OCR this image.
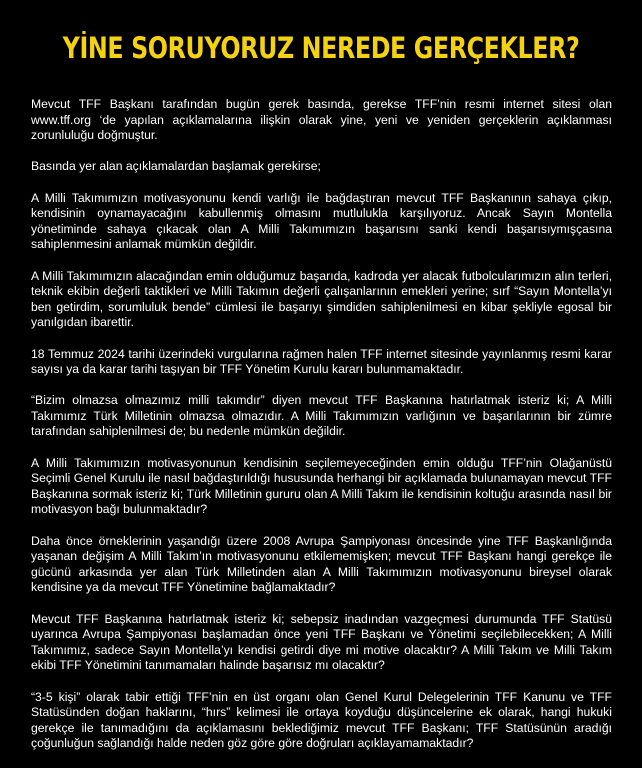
YİNE SORUYORUZ NEREDE GERÇEKLER?

Mevcut TFF Başkanı tarafından bugün gerek basında, gerekse TFF’nin resmi internet sitesi olan www.tff.org ‘de yapılan açıklamalarına ilişkin olarak yine, yeni ve yeniden gerçeklerin açıklanması zorunluluğu doğmuştur.

Basında yer alan açıklamalardan başlamak gerekirse;

A Milli Takımımızın motivasyonunu kendi varlığı ile bağdaştıran mevcut TFF Başkanının sahaya çıkıp, kendisinin oynamayacağını kabullenmiş olmasını mutlulukla karşılıyoruz. Ancak Sayın Montella yönetiminde sahaya çıkacak olan A Milli Takımımızın başarısını sanki kendi başarısıymışçasına sahiplenmesini anlamak mümkün değildir.

A Milli Takımımızın alacağından emin olduğumuz başarıda, kadroda yer alacak futbolcularımızın alın terleri, teknik ekibin değerli taktikleri ve Milli Takımın değerli çalışanlarının emekleri yerine; sırf “Sayın Montella’yı ben getirdim, sorumluluk bende” cümlesi ile başarıyı şimdiden sahiplenilmesi en kibar şekliyle egosal bir yanılgıdan ibarettir.

18 Temmuz 2024 tarihi üzerindeki vurgularına rağmen halen TFF internet sitesinde yayınlanmış resmi karar sayısı ya da karar tarihi taşıyan bir TFF Yönetim Kurulu kararı bulunmamaktadır.

“Bizim olmazsa olmazımız milli takımdır” diyen mevcut TFF Başkanına hatırlatmak isteriz ki; A Milli Takımımız Türk Milletinin olmazsa olmazıdır. A Milli Takımımızın varlığının ve başarılarının bir zümre tarafından sahiplenilmesi de; bu nedenle mümkün değildir.

A Milli Takımımızın motivasyonunun kendisinin seçilemeyeceğinden emin olduğu TFF’nin Olağanüstü Seçimli Genel Kurulu ile nasıl bağdaştırıldığı hususunda herhangi bir açıklamada bulunamayan mevcut TFF Başkanına sormak isteriz ki; Türk Milletinin gururu olan A Milli Takım ile kendisinin koltuğu arasında nasıl bir motivasyon bağı bulunmaktadır?

Daha önce örneklerinin yaşandığı üzere 2008 Avrupa Şampiyonası öncesinde yine TFF Başkanlığında yaşanan değişim A Milli Takım’ın motivasyonunu etkilememişken; mevcut TFF Başkanı hangi gerekçe ile gücünü arkasında yer alan Türk Milletinden alan A Milli Takımımızın motivasyonunu bireysel olarak kendisine ya da mevcut TFF Yönetimine bağlamaktadır?

Mevcut TFF Başkanına hatırlatmak isteriz ki; sebepsiz inadından vazgeçmesi durumunda TFF Statüsü uyarınca Avrupa Şampiyonası başlamadan önce yeni TFF Başkanı ve Yönetimi seçilebilecekken; A Milli Takımımız, sadece Sayın Montella’yı kendisi getirdi diye mi motive olacaktır? A Milli Takım ve Milli Takım ekibi TFF Yönetimini tanımamaları halinde başarısız mı olacaktır?

“3-5 kişi” olarak tabir ettiği TFF’nin en üst organı olan Genel Kurul Delegelerinin TFF Kanunu ve TFF Statüsünden doğan haklarını, “hırs” kelimesi ile ortaya koyduğu düşüncelerine ek olarak, hangi hukuki gerekçe ile tanımadığını da açıklamasını beklediğimiz mevcut TFF Başkanı; TFF Statüsünün aradığı çoğunluğun sağlandığı halde neden göz göre göre doğruları açıklayamamaktadır?
